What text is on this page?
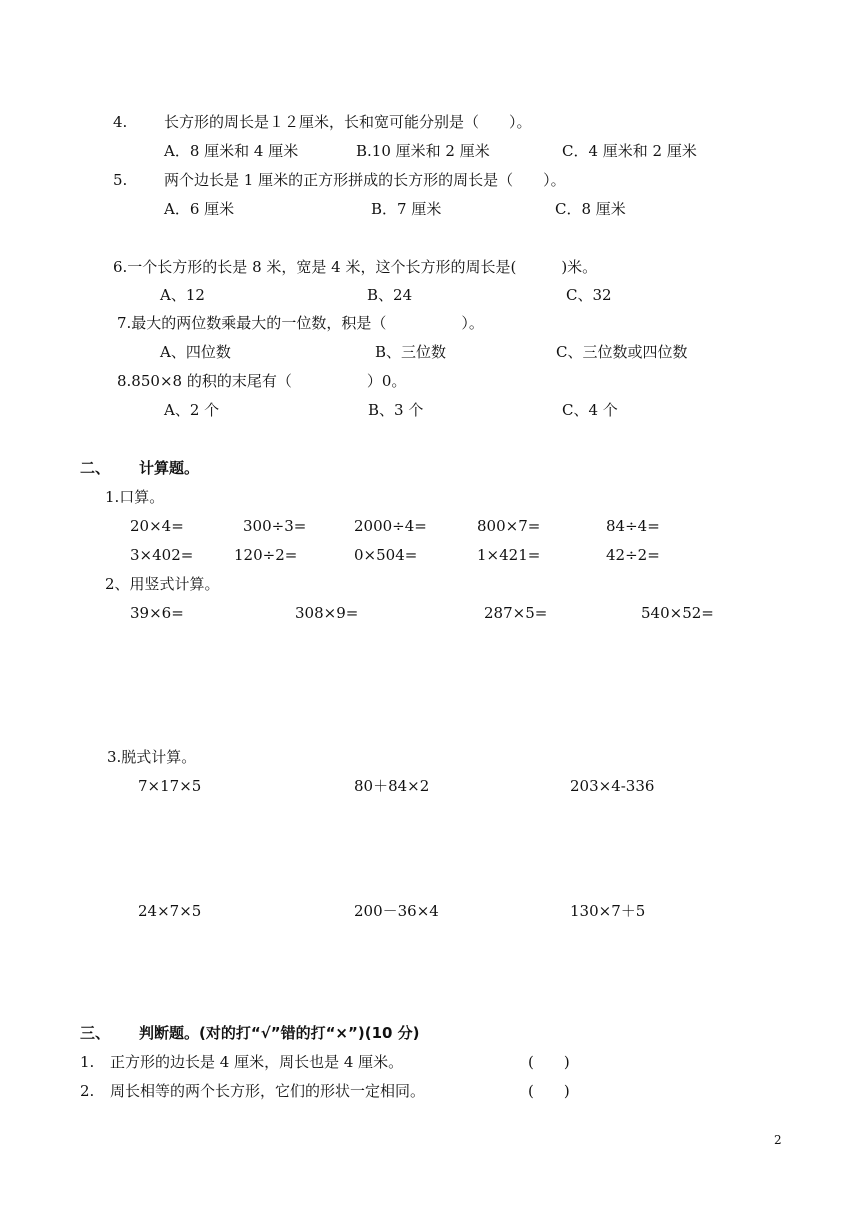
4. 长方形的周长是１２厘米，长和宽可能分别是（　　）。
A．8 厘米和 4 厘米	B.10 厘米和 2 厘米	C．4 厘米和 2 厘米
5. 两个边长是 1 厘米的正方形拼成的长方形的周长是（　　）。
A．6 厘米	B．7 厘米	C．8 厘米
6.一个长方形的长是 8 米，宽是 4 米，这个长方形的周长是(　　　)米。
A、12	B、24	C、32
7.最大的两位数乘最大的一位数，积是（　　　　　）。
A、四位数	B、三位数	C、三位数或四位数
8.850×8 的积的末尾有（　　　　　）0。
A、2 个	B、3 个	C、4 个
二、 计算题。
1.口算。
20×4=	300÷3=	2000÷4=	800×7=	84÷4=
3×402=	120÷2=	0×504=	1×421=	42÷2=
2、用竖式计算。
39×6=	308×9=	287×5=	540×52=
3.脱式计算。
7×17×5	80＋84×2	203×4-336
24×7×5	200－36×4	130×7＋5
三、 判断题。(对的打“√”错的打“×”)(10 分)
1. 正方形的边长是 4 厘米，周长也是 4 厘米。	(　　)
2. 周长相等的两个长方形，它们的形状一定相同。	(　　)
2
